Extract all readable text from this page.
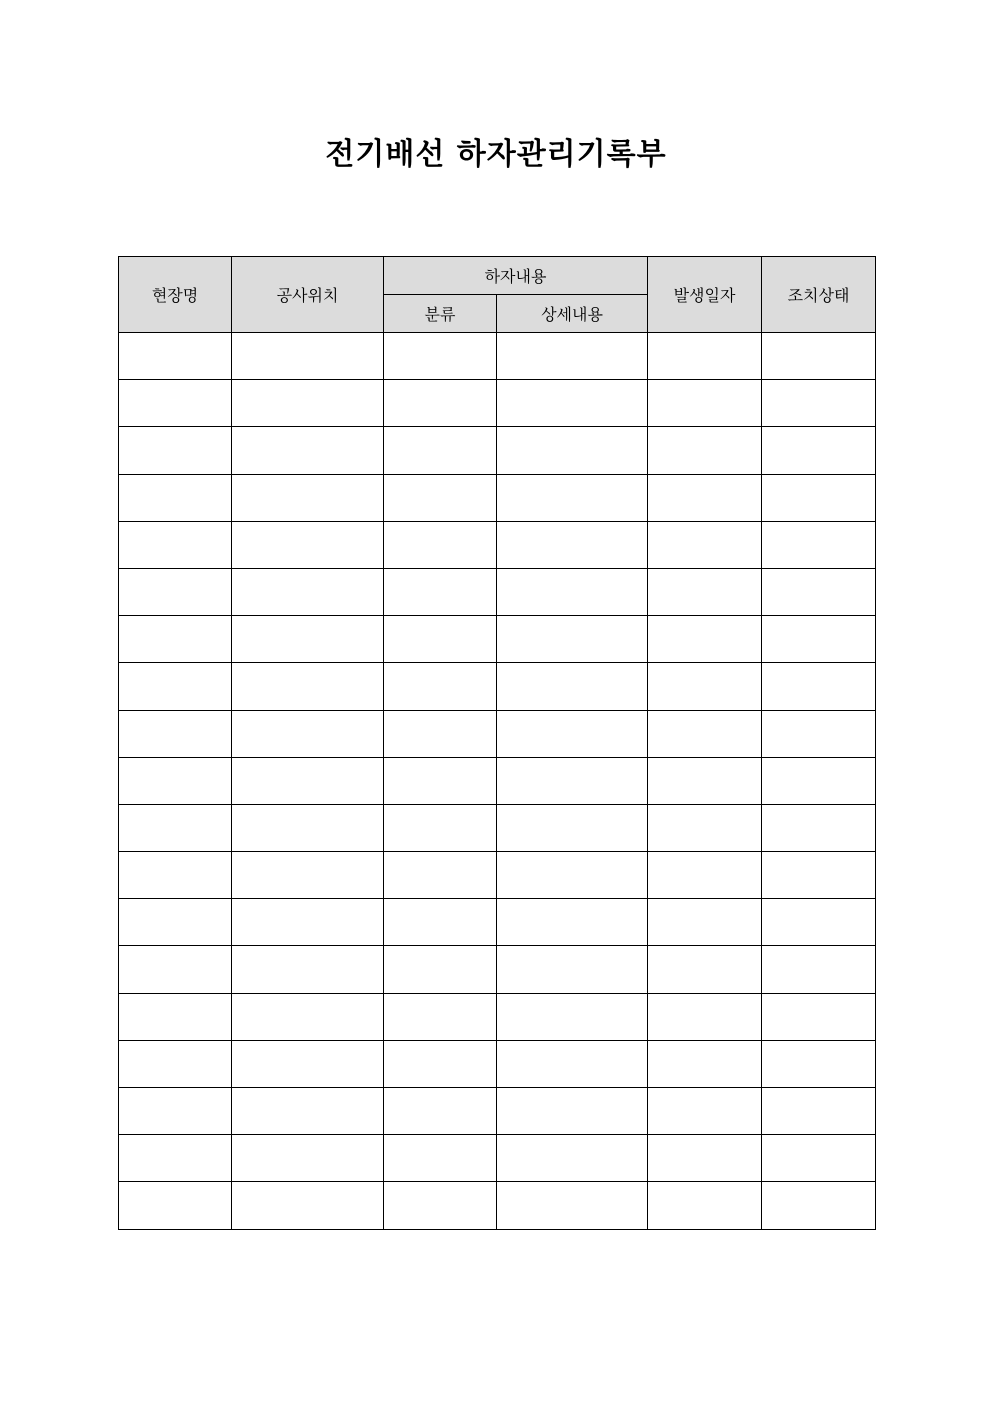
전기배선 하자관리기록부
현장명	공사위치	하자내용		발생일자	조치상태
		분류	상세내용		
